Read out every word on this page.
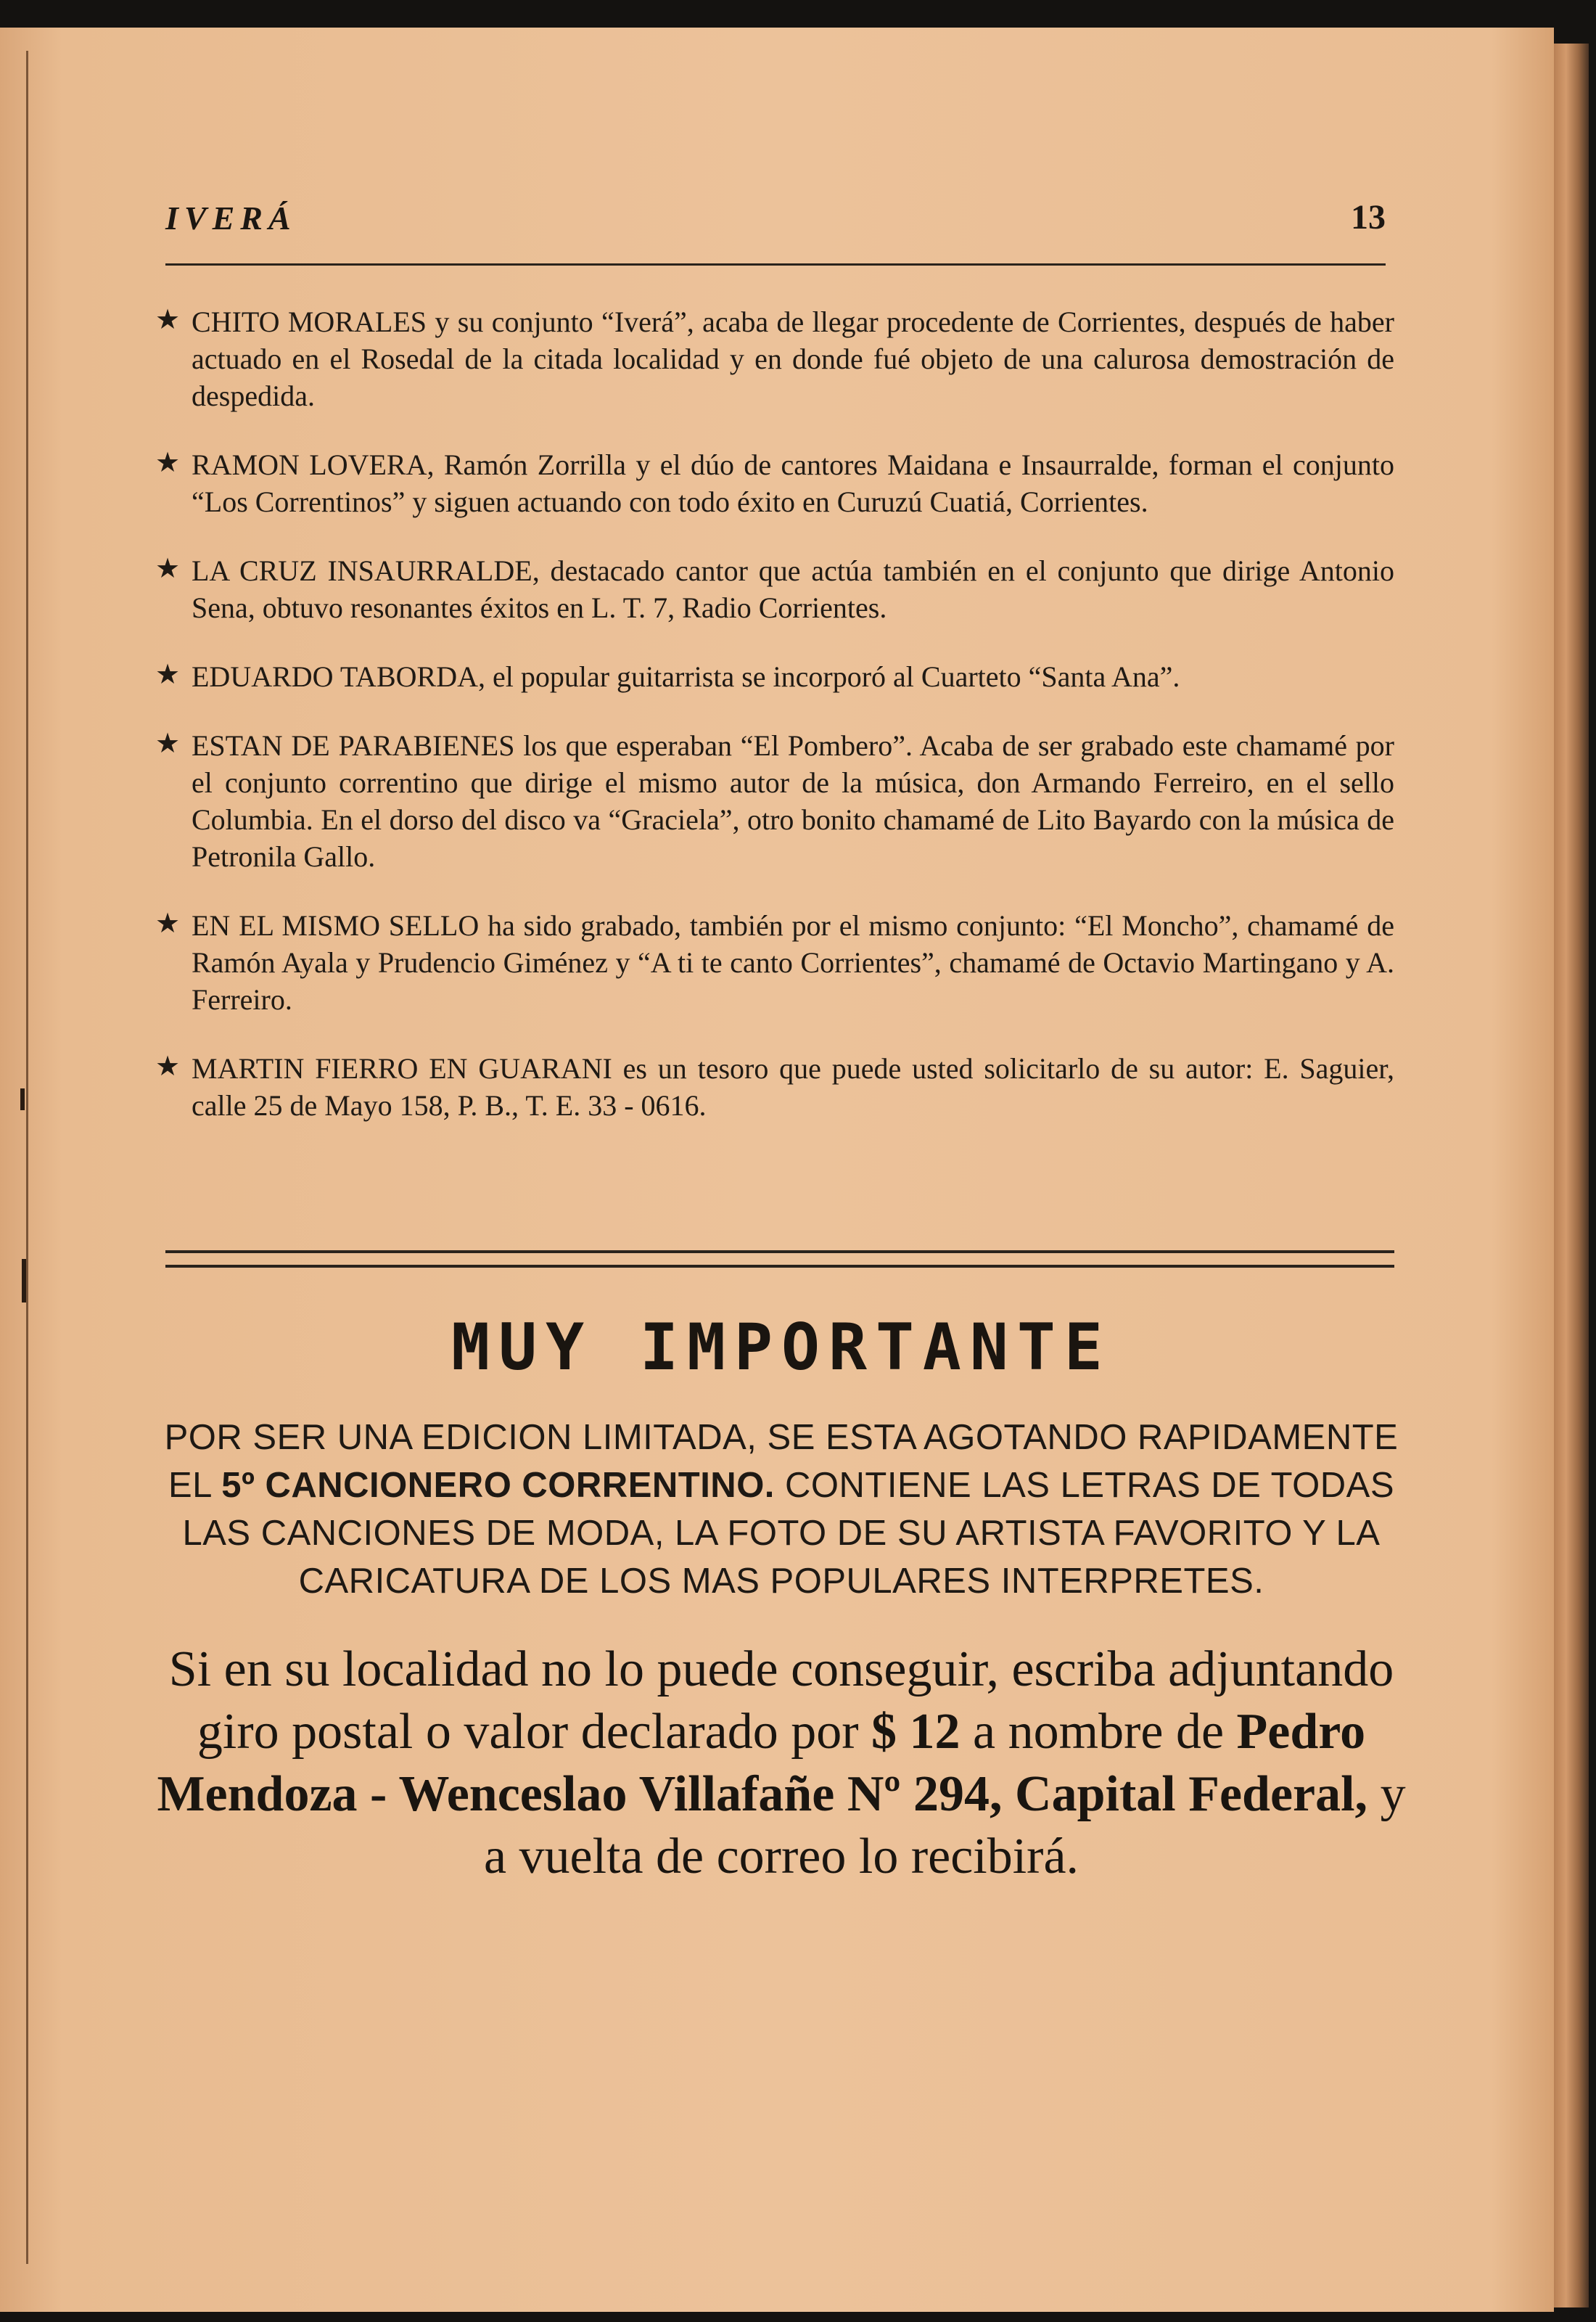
IVERÁ	13
★ CHITO MORALES y su conjunto “Iverá”, acaba de llegar procedente de Corrientes, después de haber actuado en el Rosedal de la citada localidad y en donde fué objeto de una calurosa demostración de despedida.
★ RAMON LOVERA, Ramón Zorrilla y el dúo de cantores Maidana e Insaurralde, forman el conjunto “Los Correntinos” y siguen actuando con todo éxito en Curuzú Cuatiá, Corrientes.
★ LA CRUZ INSAURRALDE, destacado cantor que actúa también en el conjunto que dirige Antonio Sena, obtuvo resonantes éxitos en L. T. 7, Radio Corrientes.
★ EDUARDO TABORDA, el popular guitarrista se incorporó al Cuarteto “Santa Ana”.
★ ESTAN DE PARABIENES los que esperaban “El Pombero”. Acaba de ser grabado este chamamé por el conjunto correntino que dirige el mismo autor de la música, don Armando Ferreiro, en el sello Columbia. En el dorso del disco va “Graciela”, otro bonito chamamé de Lito Bayardo con la música de Petronila Gallo.
★ EN EL MISMO SELLO ha sido grabado, también por el mismo conjunto: “El Moncho”, chamamé de Ramón Ayala y Prudencio Giménez y “A ti te canto Corrientes”, chamamé de Octavio Martingano y A. Ferreiro.
★ MARTIN FIERRO EN GUARANI es un tesoro que puede usted solicitarlo de su autor: E. Saguier, calle 25 de Mayo 158, P. B., T. E. 33 - 0616.
MUY IMPORTANTE

POR SER UNA EDICION LIMITADA, SE ESTA AGOTANDO RAPIDAMENTE EL 5º CANCIONERO CORRENTINO. CONTIENE LAS LETRAS DE TODAS LAS CANCIONES DE MODA, LA FOTO DE SU ARTISTA FAVORITO Y LA CARICATURA DE LOS MAS POPULARES INTERPRETES.

Si en su localidad no lo puede conseguir, escriba adjuntando giro postal o valor declarado por $ 12 a nombre de Pedro Mendoza - Wenceslao Villafañe Nº 294, Capital Federal, y a vuelta de correo lo recibirá.
